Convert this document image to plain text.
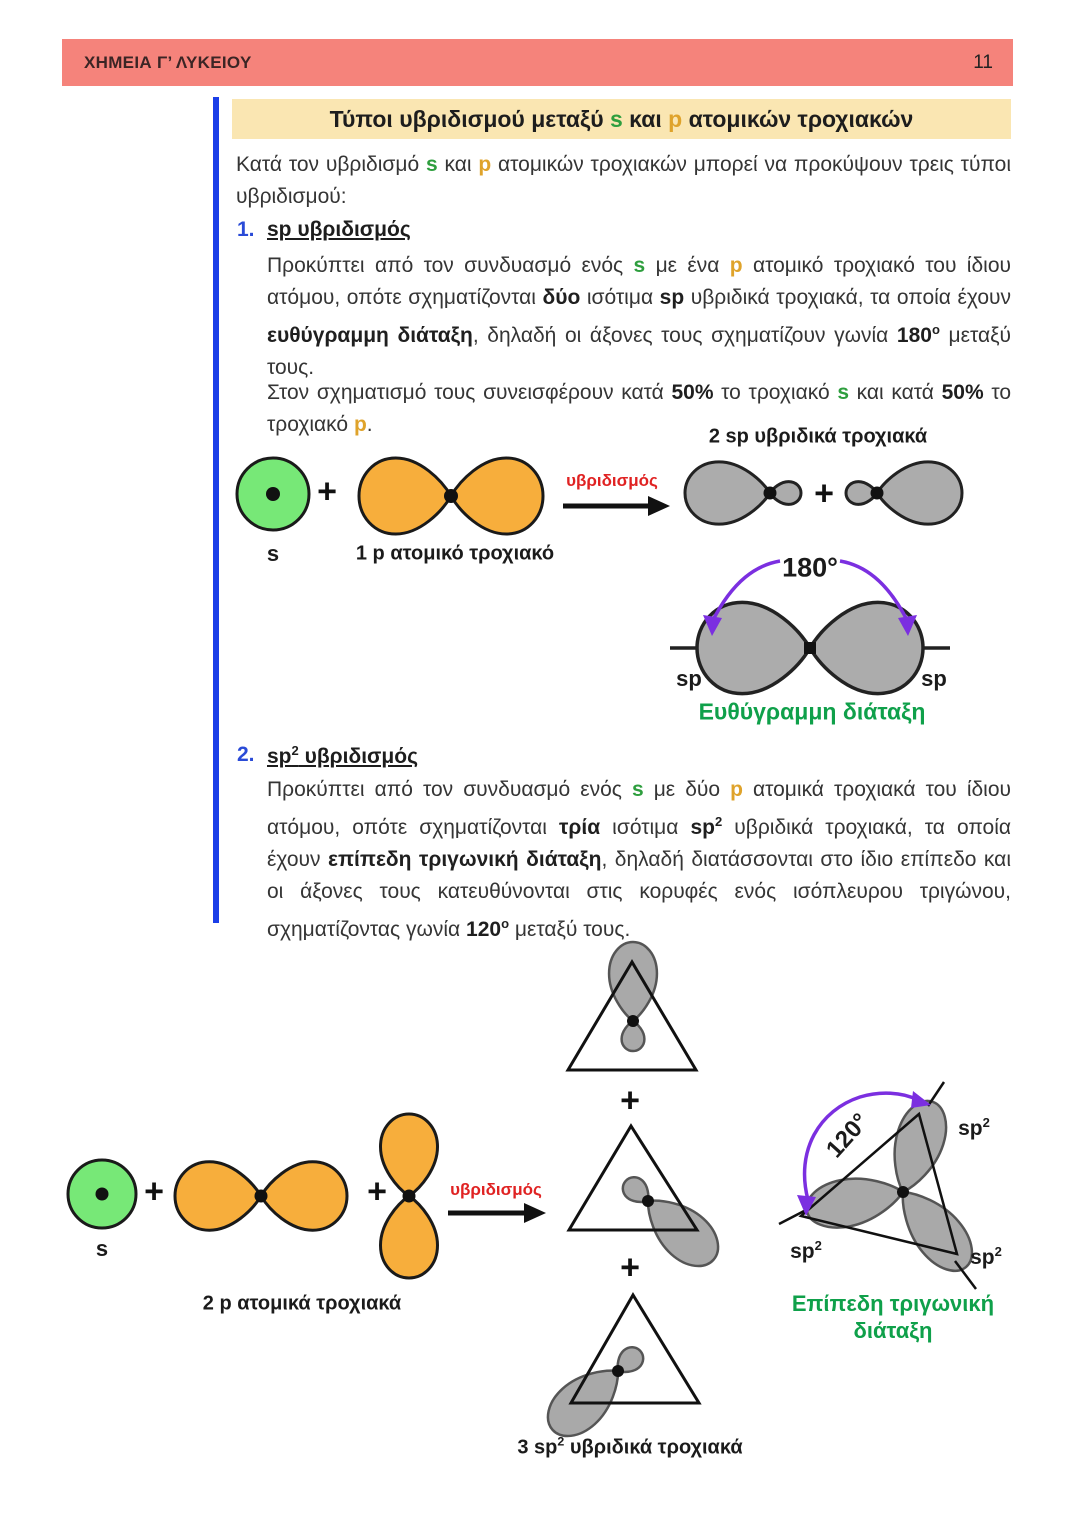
ΧΗΜΕΙΑ Γ’ ΛΥΚΕΙΟΥ	11
Τύποι υβριδισμού μεταξύ s και p ατομικών τροχιακών
Κατά τον υβριδισμό s και p ατομικών τροχιακών μπορεί να προκύψουν τρεις τύποι υβριδισμού:
1. sp υβριδισμός
Προκύπτει από τον συνδυασμό ενός s με ένα p ατομικό τροχιακό του ίδιου ατόμου, οπότε σχηματίζονται δύο ισότιμα sp υβριδικά τροχιακά, τα οποία έχουν ευθύγραμμη διάταξη, δηλαδή οι άξονες τους σχηματίζουν γωνία $180^o$ μεταξύ τους.
Στον σχηματισμό τους συνεισφέρουν κατά 50% το τροχιακό s και κατά 50% το τροχιακό p.
2 sp υβριδικά τροχιακά
+	+
υβριδισμός
s	1 p ατομικό τροχιακό	180°
sp	sp
Ευθύγραμμη διάταξη
2. $sp^2$ υβριδισμός
Προκύπτει από τον συνδυασμό ενός s με δύο p ατομικά τροχιακά του ίδιου ατόμου, οπότε σχηματίζονται τρία ισότιμα $sp^2$ υβριδικά τροχιακά, τα οποία έχουν επίπεδη τριγωνική διάταξη, δηλαδή διατάσσονται στο ίδιο επίπεδο και οι άξονες τους κατευθύνονται στις κορυφές ενός ισόπλευρου τριγώνου, σχηματίζοντας γωνία $120^o$ μεταξύ τους.
s
+	+
2 p ατομικά τροχιακά
υβριδισμός
+
+
3 $sp^2$ υβριδικά τροχιακά
120°	$sp^2$
$sp^2$
$sp^2$
Επίπεδη τριγωνική
διάταξη
